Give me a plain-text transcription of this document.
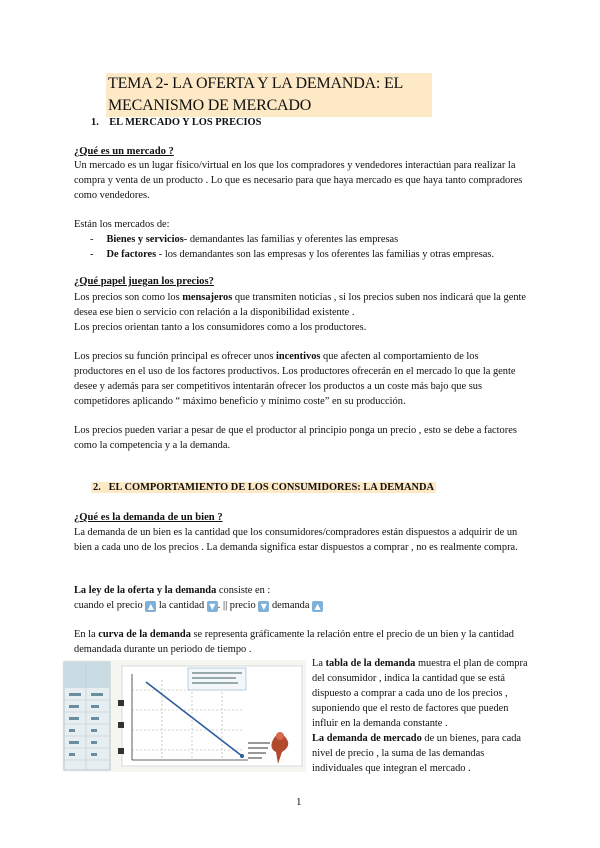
TEMA 2- LA OFERTA Y LA DEMANDA: EL
MECANISMO DE MERCADO
1. EL MERCADO Y LOS PRECIOS
¿Qué es un mercado ?

Un mercado es un lugar físico/virtual en los que los compradores y vendedores interactúan para realizar la compra y venta de un producto . Lo que es necesario para que haya mercado es que haya tanto compradores como vendedores.

Están los mercados de:

-     Bienes y servicios- demandantes las familias y oferentes las empresas
-     De factores - los demandantes son las empresas y los oferentes las familias y otras empresas.
¿Qué papel juegan los precios?

Los precios son como los mensajeros que transmiten noticias , si los precios suben nos indicará que la gente desea ese bien o servicio con relación a la disponibilidad existente .

Los precios orientan tanto a los consumidores como a los productores.

Los precios su función principal es ofrecer unos incentivos que afecten al comportamiento de los productores en el uso de los factores productivos. Los productores ofrecerán en el mercado lo que la gente desee y además para ser competitivos intentarán ofrecer los productos a un coste más bajo que sus competidores aplicando “ máximo beneficio y mínimo coste” en su producción.

Los precios pueden variar a pesar de que el productor al principio ponga un precio , esto se debe a factores como la competencia y a la demanda.

2. EL COMPORTAMIENTO DE LOS CONSUMIDORES: LA DEMANDA
¿Qué es la demanda de un bien ?

La demanda de un bien es la cantidad que los consumidores/compradores están dispuestos a adquirir de un bien a cada uno de los precios . La demanda significa estar dispuestos a comprar , no es realmente compra.

La ley de la oferta y la demanda consiste en :

cuando el precio ▲ la cantidad ▼ . || precio ▼ demanda ▲

En la curva de la demanda se representa gráficamente la relación entre el precio de un bien y la cantidad demandada durante un periodo de tiempo .

La tabla de la demanda muestra el plan de compra del consumidor , indica la cantidad que se está dispuesto a comprar a cada uno de los precios , suponiendo que el resto de factores que pueden influir en la demanda constante .

La demanda de mercado de un bienes, para cada nivel de precio , la suma de las demandas individuales que integran el mercado .

1
